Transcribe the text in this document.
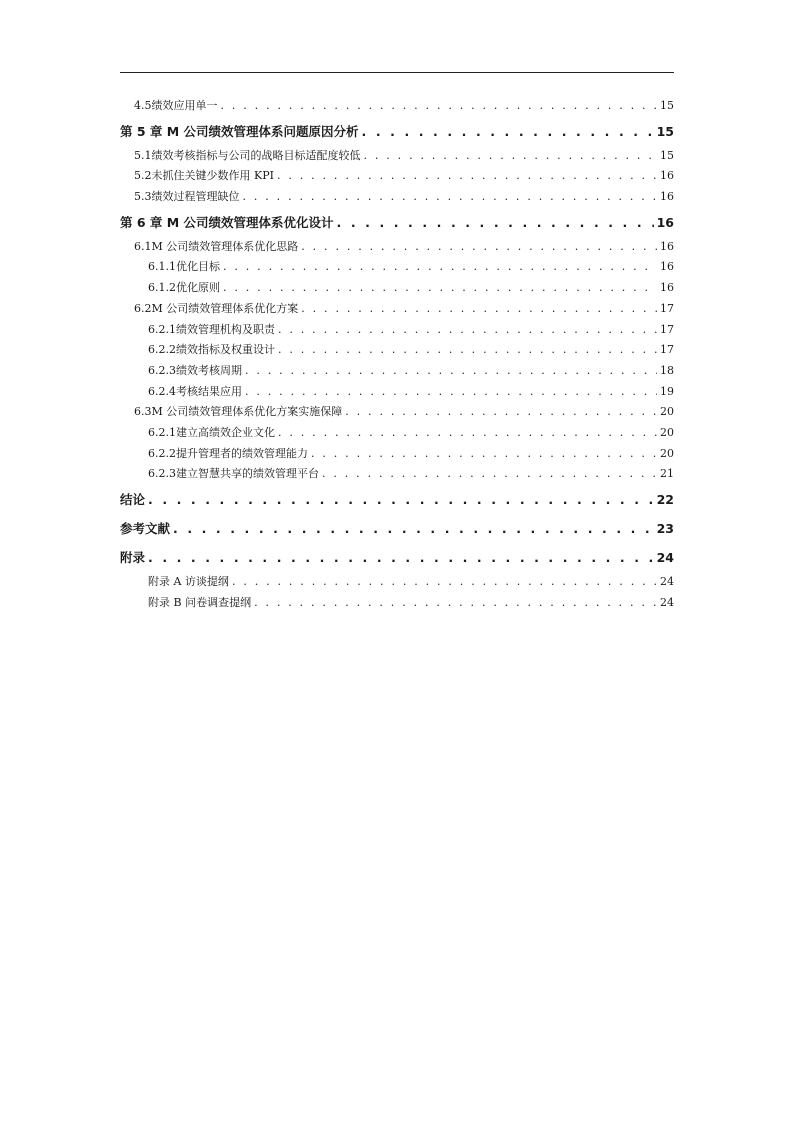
4.5绩效应用单一 . . .	15
第 5 章 M 公司绩效管理体系问题原因分析 . . .	15
5.1绩效考核指标与公司的战略目标适配度较低 . . .	15
5.2未抓住关键少数作用 KPI . . .	16
5.3绩效过程管理缺位 . . .	16
第 6 章 M 公司绩效管理体系优化设计 . . .	16
6.1M 公司绩效管理体系优化思路 . . .	16
6.1.1优化目标 . . .	16
6.1.2优化原则 . . .	16
6.2M 公司绩效管理体系优化方案 . . .	17
6.2.1绩效管理机构及职责 . . .	17
6.2.2绩效指标及权重设计 . . .	17
6.2.3绩效考核周期 . . .	18
6.2.4考核结果应用 . . .	19
6.3M 公司绩效管理体系优化方案实施保障 . . .	20
6.2.1建立高绩效企业文化 . . .	20
6.2.2提升管理者的绩效管理能力 . . .	20
6.2.3建立智慧共享的绩效管理平台 . . .	21
结论 . . .	22
参考文献 . . .	23
附录 . . .	24
附录 A 访谈提纲 . . .	24
附录 B 问卷调查提纲 . . .	24
